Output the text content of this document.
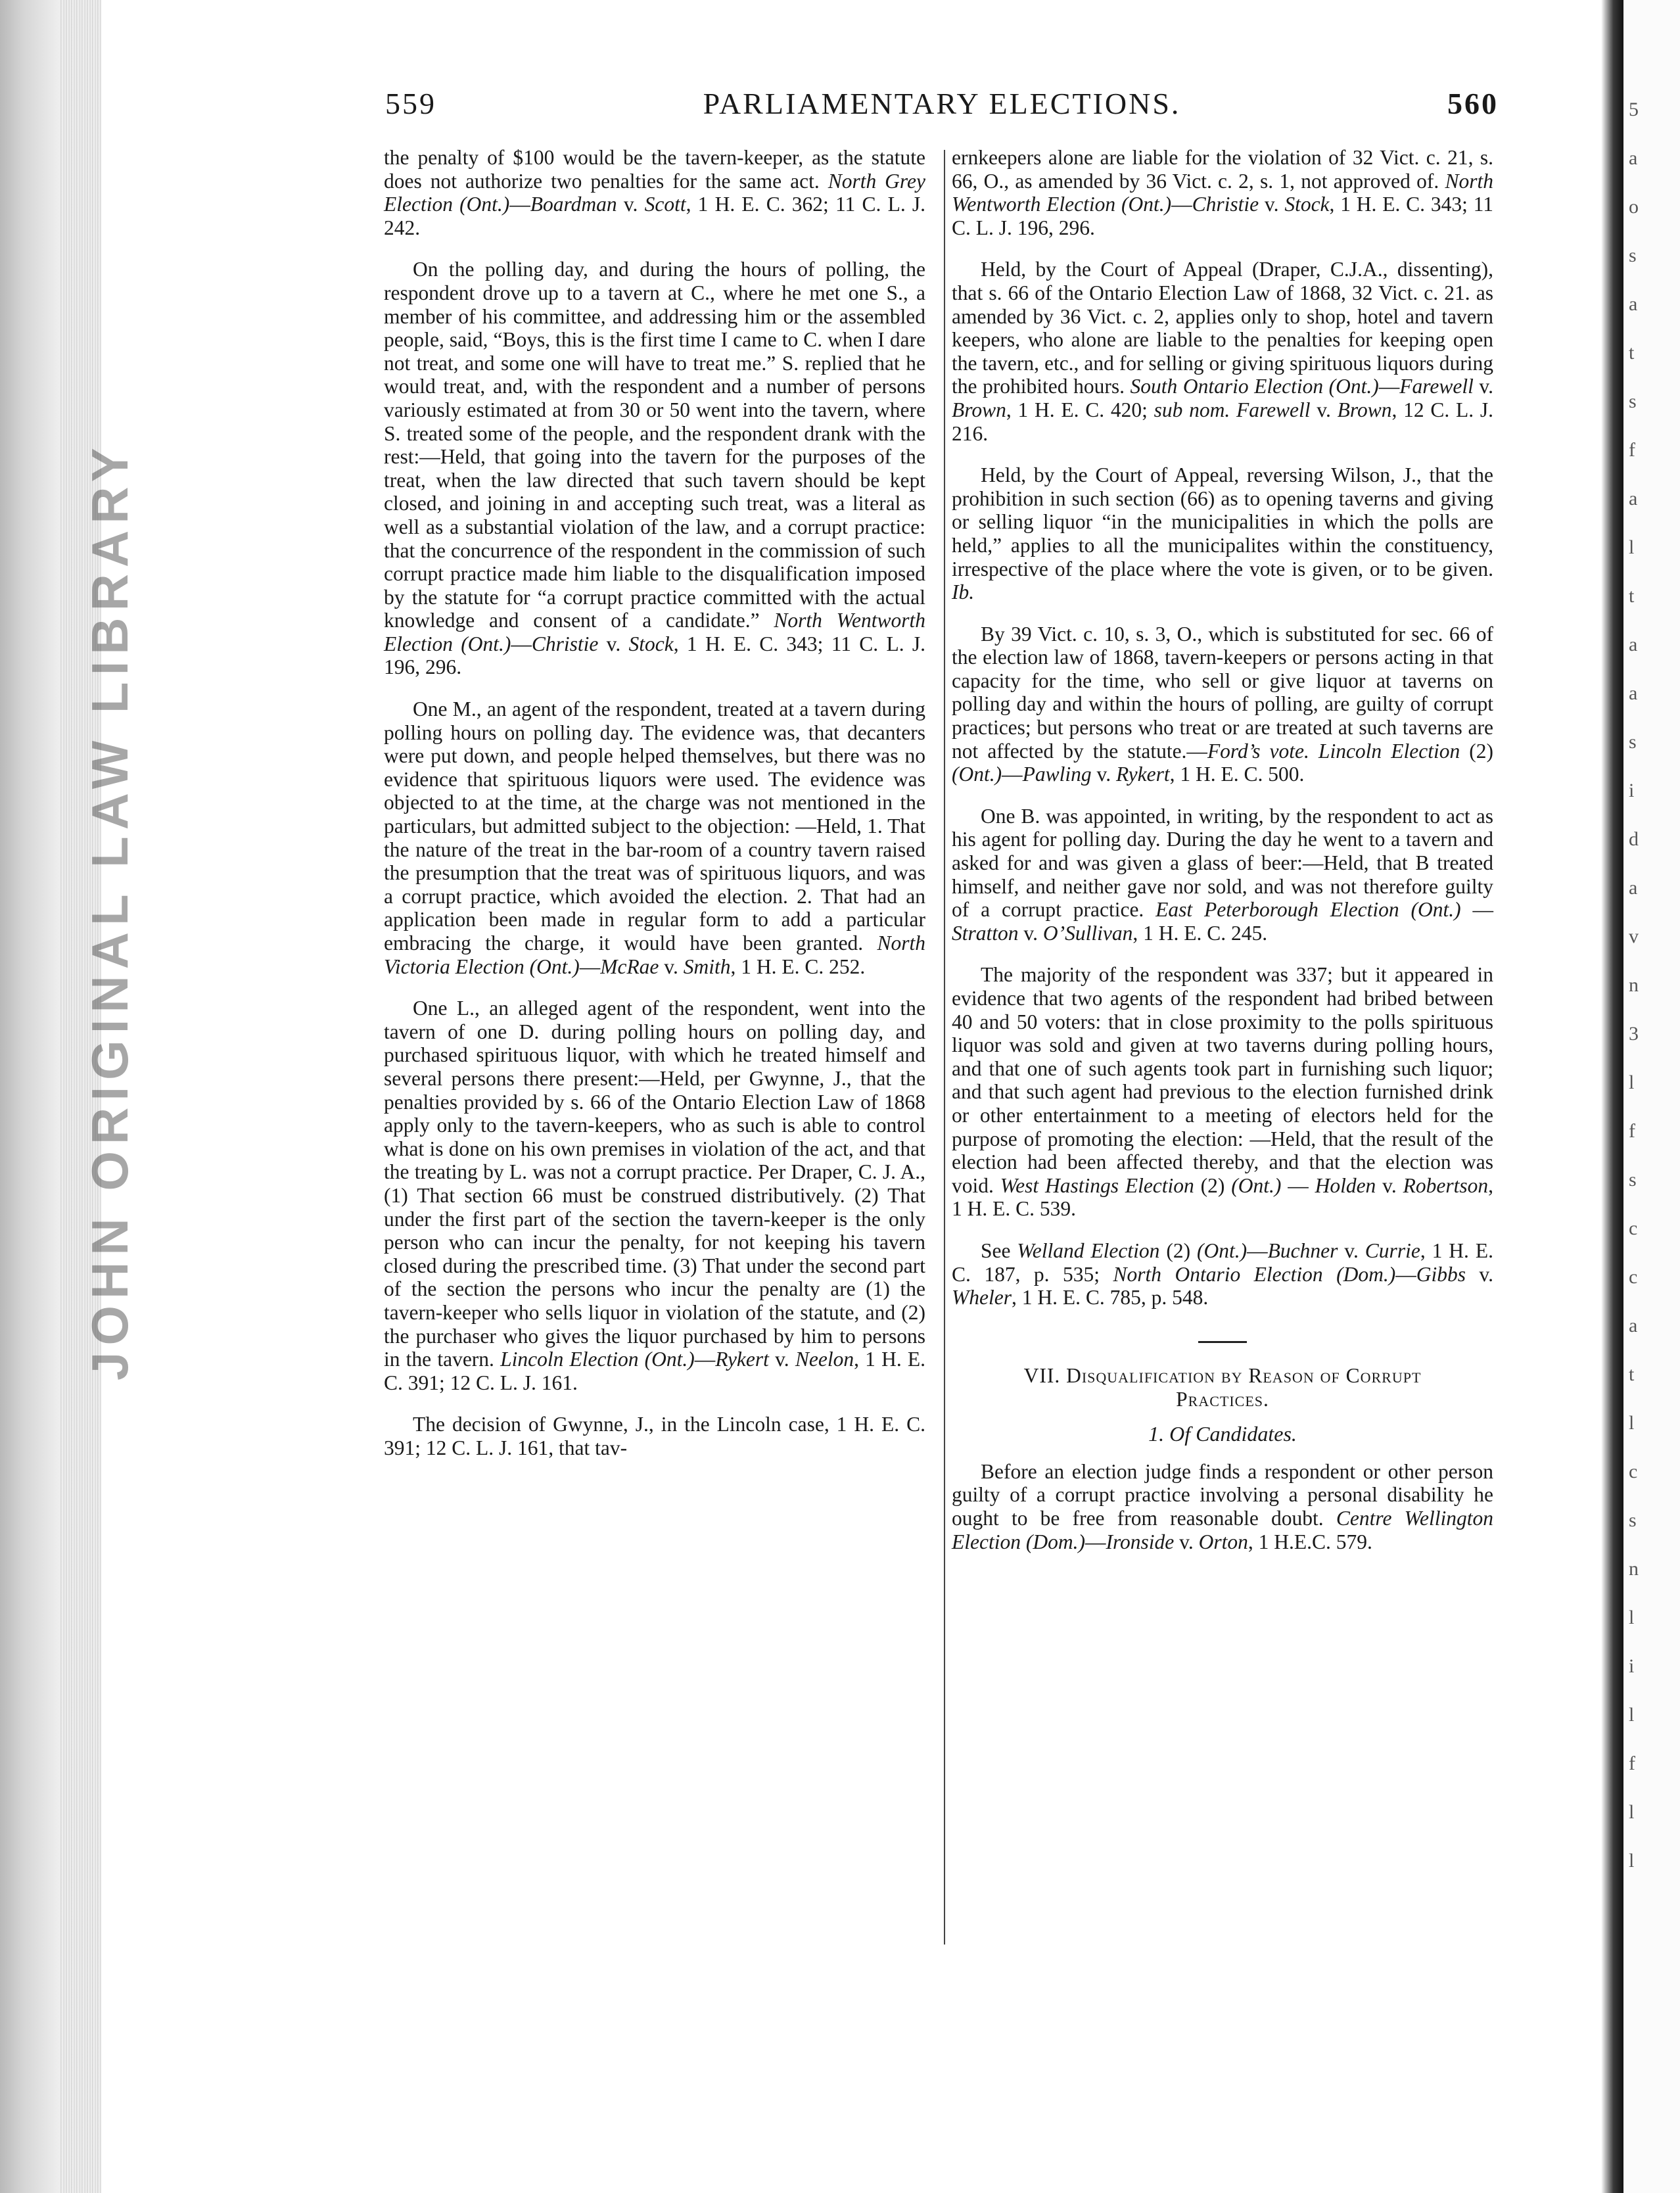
JOHN ORIGINAL LAW LIBRARY
559	PARLIAMENTARY ELECTIONS.	560

the penalty of $100 would be the tavern-keeper, as the statute does not authorize two penalties for the same act. North Grey Election (Ont.)—Boardman v. Scott, 1 H. E. C. 362; 11 C. L. J. 242.

On the polling day, and during the hours of polling, the respondent drove up to a tavern at C., where he met one S., a member of his committee, and addressing him or the assembled people, said, “Boys, this is the first time I came to C. when I dare not treat, and some one will have to treat me.” S. replied that he would treat, and, with the respondent and a number of persons variously estimated at from 30 or 50 went into the tavern, where S. treated some of the people, and the respondent drank with the rest:—Held, that going into the tavern for the purposes of the treat, when the law directed that such tavern should be kept closed, and joining in and accepting such treat, was a literal as well as a substantial violation of the law, and a corrupt practice: that the concurrence of the respondent in the commission of such corrupt practice made him liable to the disqualification imposed by the statute for “a corrupt practice committed with the actual knowledge and consent of a candidate.” North Wentworth Election (Ont.)—Christie v. Stock, 1 H. E. C. 343; 11 C. L. J. 196, 296.

One M., an agent of the respondent, treated at a tavern during polling hours on polling day. The evidence was, that decanters were put down, and people helped themselves, but there was no evidence that spirituous liquors were used. The evidence was objected to at the time, at the charge was not mentioned in the particulars, but admitted subject to the objection: —Held, 1. That the nature of the treat in the bar-room of a country tavern raised the presumption that the treat was of spirituous liquors, and was a corrupt practice, which avoided the election. 2. That had an application been made in regular form to add a particular embracing the charge, it would have been granted. North Victoria Election (Ont.)—McRae v. Smith, 1 H. E. C. 252.

One L., an alleged agent of the respondent, went into the tavern of one D. during polling hours on polling day, and purchased spirituous liquor, with which he treated himself and several persons there present:—Held, per Gwynne, J., that the penalties provided by s. 66 of the Ontario Election Law of 1868 apply only to the tavern-keepers, who as such is able to control what is done on his own premises in violation of the act, and that the treating by L. was not a corrupt practice. Per Draper, C. J. A., (1) That section 66 must be construed distributively. (2) That under the first part of the section the tavern-keeper is the only person who can incur the penalty, for not keeping his tavern closed during the prescribed time. (3) That under the second part of the section the persons who incur the penalty are (1) the tavern-keeper who sells liquor in violation of the statute, and (2) the purchaser who gives the liquor purchased by him to persons in the tavern. Lincoln Election (Ont.)—Rykert v. Neelon, 1 H. E. C. 391; 12 C. L. J. 161.

The decision of Gwynne, J., in the Lincoln case, 1 H. E. C. 391; 12 C. L. J. 161, that tav-

ernkeepers alone are liable for the violation of 32 Vict. c. 21, s. 66, O., as amended by 36 Vict. c. 2, s. 1, not approved of. North Wentworth Election (Ont.)—Christie v. Stock, 1 H. E. C. 343; 11 C. L. J. 196, 296.

Held, by the Court of Appeal (Draper, C.J.A., dissenting), that s. 66 of the Ontario Election Law of 1868, 32 Vict. c. 21. as amended by 36 Vict. c. 2, applies only to shop, hotel and tavern keepers, who alone are liable to the penalties for keeping open the tavern, etc., and for selling or giving spirituous liquors during the prohibited hours. South Ontario Election (Ont.)—Farewell v. Brown, 1 H. E. C. 420; sub nom. Farewell v. Brown, 12 C. L. J. 216.

Held, by the Court of Appeal, reversing Wilson, J., that the prohibition in such section (66) as to opening taverns and giving or selling liquor “in the municipalities in which the polls are held,” applies to all the municipalites within the constituency, irrespective of the place where the vote is given, or to be given. Ib.

By 39 Vict. c. 10, s. 3, O., which is substituted for sec. 66 of the election law of 1868, tavern-keepers or persons acting in that capacity for the time, who sell or give liquor at taverns on polling day and within the hours of polling, are guilty of corrupt practices; but persons who treat or are treated at such taverns are not affected by the statute.—Ford’s vote. Lincoln Election (2) (Ont.)—Pawling v. Rykert, 1 H. E. C. 500.

One B. was appointed, in writing, by the respondent to act as his agent for polling day. During the day he went to a tavern and asked for and was given a glass of beer:—Held, that B treated himself, and neither gave nor sold, and was not therefore guilty of a corrupt practice. East Peterborough Election (Ont.) — Stratton v. O’Sullivan, 1 H. E. C. 245.

The majority of the respondent was 337; but it appeared in evidence that two agents of the respondent had bribed between 40 and 50 voters: that in close proximity to the polls spirituous liquor was sold and given at two taverns during polling hours, and that one of such agents took part in furnishing such liquor; and that such agent had previous to the election furnished drink or other entertainment to a meeting of electors held for the purpose of promoting the election: —Held, that the result of the election had been affected thereby, and that the election was void. West Hastings Election (2) (Ont.) — Holden v. Robertson, 1 H. E. C. 539.

See Welland Election (2) (Ont.)—Buchner v. Currie, 1 H. E. C. 187, p. 535; North Ontario Election (Dom.)—Gibbs v. Wheler, 1 H. E. C. 785, p. 548.

VII. Disqualification by Reason of Corrupt
Practices.
1. Of Candidates.

Before an election judge finds a respondent or other person guilty of a corrupt practice involving a personal disability he ought to be free from reasonable doubt. Centre Wellington Election (Dom.)—Ironside v. Orton, 1 H.E.C. 579.

5
a
o
s
a
t
s
f
a
l
t
a
a
s
i
d
a
v
n
3
l
f
s
c
c
a
t
l
c
s
n
l
i
l
f
l
l
